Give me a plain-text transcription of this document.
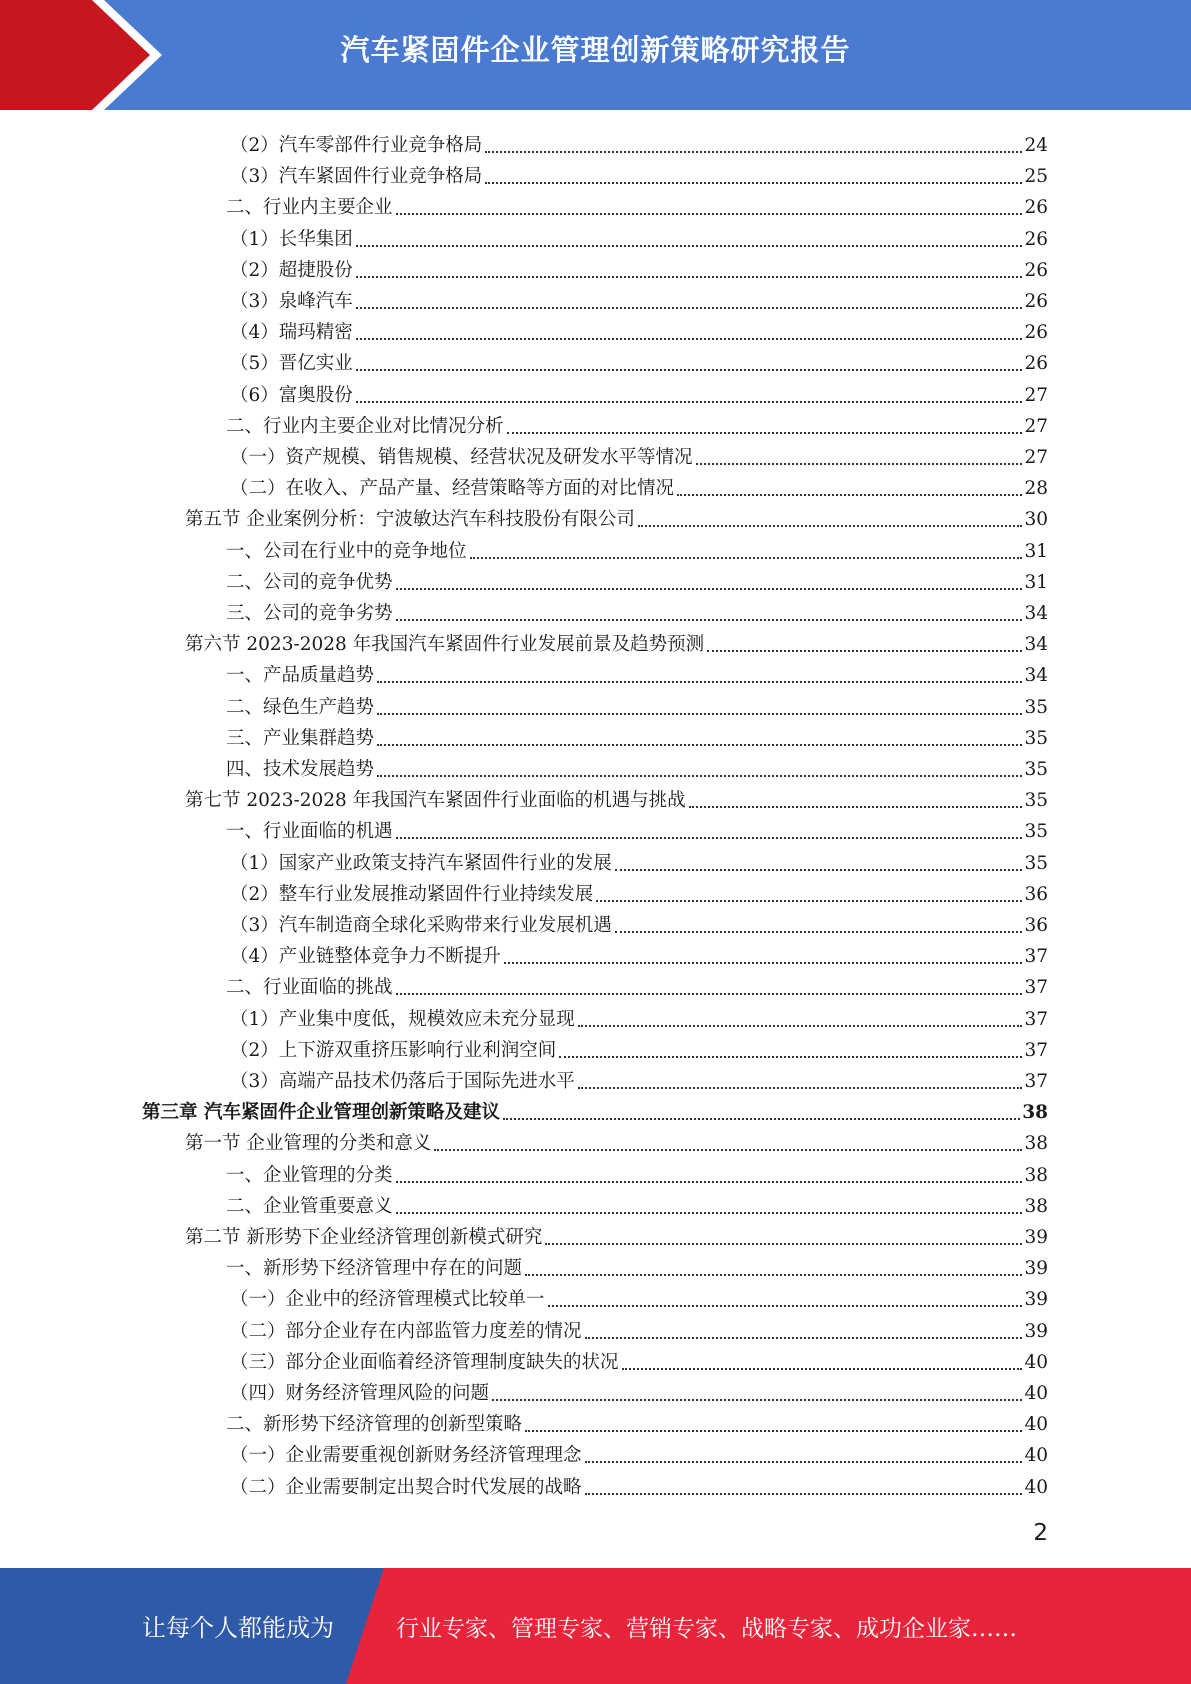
汽车紧固件企业管理创新策略研究报告
（2）汽车零部件行业竞争格局	24
（3）汽车紧固件行业竞争格局	25
二、行业内主要企业	26
（1）长华集团	26
（2）超捷股份	26
（3）泉峰汽车	26
（4）瑞玛精密	26
（5）晋亿实业	26
（6）富奥股份	27
二、行业内主要企业对比情况分析	27
（一）资产规模、销售规模、经营状况及研发水平等情况	27
（二）在收入、产品产量、经营策略等方面的对比情况	28
第五节 企业案例分析：宁波敏达汽车科技股份有限公司	30
一、公司在行业中的竞争地位	31
二、公司的竞争优势	31
三、公司的竞争劣势	34
第六节 2023-2028 年我国汽车紧固件行业发展前景及趋势预测	34
一、产品质量趋势	34
二、绿色生产趋势	35
三、产业集群趋势	35
四、技术发展趋势	35
第七节 2023-2028 年我国汽车紧固件行业面临的机遇与挑战	35
一、行业面临的机遇	35
（1）国家产业政策支持汽车紧固件行业的发展	35
（2）整车行业发展推动紧固件行业持续发展	36
（3）汽车制造商全球化采购带来行业发展机遇	36
（4）产业链整体竞争力不断提升	37
二、行业面临的挑战	37
（1）产业集中度低，规模效应未充分显现	37
（2）上下游双重挤压影响行业利润空间	37
（3）高端产品技术仍落后于国际先进水平	37
第三章 汽车紧固件企业管理创新策略及建议	38
第一节 企业管理的分类和意义	38
一、企业管理的分类	38
二、企业管重要意义	38
第二节 新形势下企业经济管理创新模式研究	39
一、新形势下经济管理中存在的问题	39
（一）企业中的经济管理模式比较单一	39
（二）部分企业存在内部监管力度差的情况	39
（三）部分企业面临着经济管理制度缺失的状况	40
（四）财务经济管理风险的问题	40
二、新形势下经济管理的创新型策略	40
（一）企业需要重视创新财务经济管理理念	40
（二）企业需要制定出契合时代发展的战略	40
2
让每个人都能成为	行业专家、管理专家、营销专家、战略专家、成功企业家……
